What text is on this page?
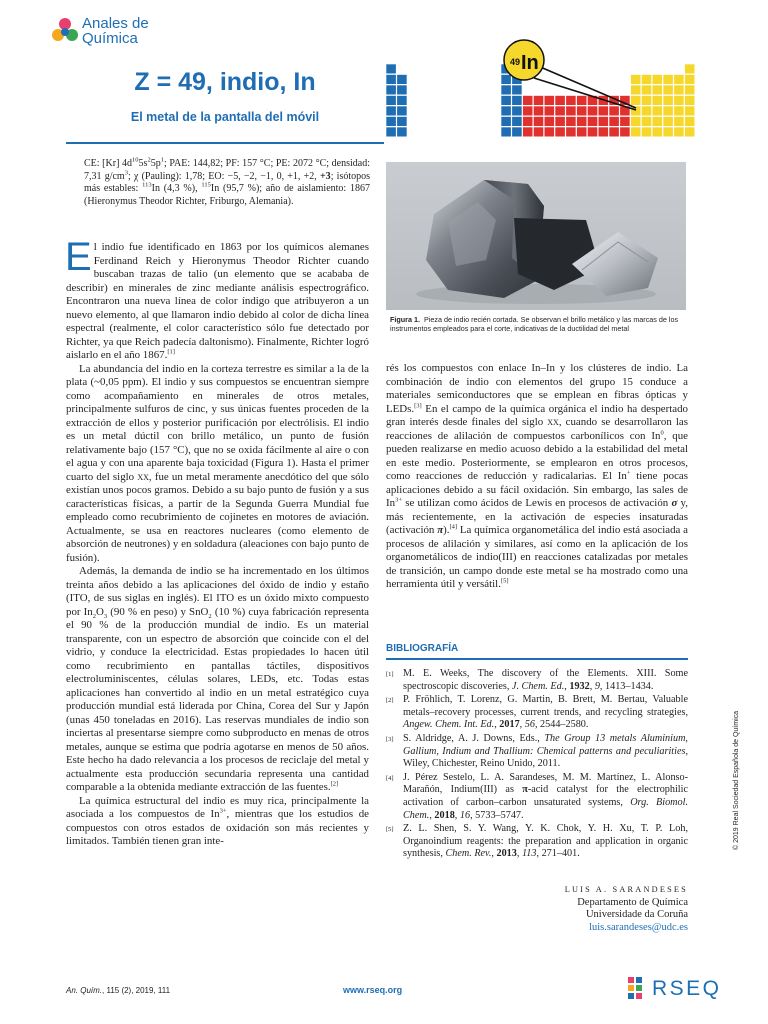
Anales de
Química
Z = 49, indio, In
El metal de la pantalla del móvil
49 In
Figura 1. Pieza de indio recién cortada. Se observan el brillo metálico y las marcas de los instrumentos empleados para el corte, indicativas de la ductilidad del metal
CE: [Kr] $4d^{10}5s^25p^1$; PAE: 144,82; PF: 157 °C; PE: 2072 °C; densidad: 7,31 $g/cm^3$; χ (Pauling): 1,78; EO: −5, −2, −1, 0, +1, +2, +3; isótopos más estables: $^{113}$In (4,3 %), $^{115}$In (95,7 %); año de aislamiento: 1867 (Hieronymus Theodor Richter, Friburgo, Alemania).
E l indio fue identificado en 1863 por los químicos alemanes Ferdinand Reich y Hieronymus Theodor Richter cuando buscaban trazas de talio (un elemento que se acababa de describir) en minerales de zinc mediante análisis espectrográfico. Encontraron una nueva línea de color índigo que atribuyeron a un nuevo elemento, al que llamaron indio debido al color de dicha línea espectral (realmente, el color característico sólo fue detectado por Richter, ya que Reich padecía daltonismo). Finalmente, Richter logró aislarlo en el año 1867.[1]

La abundancia del indio en la corteza terrestre es similar a la de la plata (~0,05 ppm). El indio y sus compuestos se encuentran siempre como acompañamiento en minerales de otros metales, principalmente sulfuros de cinc, y sus únicas fuentes proceden de la extracción de ellos y posterior purificación por electrólisis. El indio es un metal dúctil con brillo metálico, un punto de fusión relativamente bajo (157 °C), que no se oxida fácilmente al aire o con el agua y con una aparente baja toxicidad (Figura 1). Hasta el primer cuarto del siglo xx, fue un metal meramente anecdótico del que sólo existían unos pocos gramos. Debido a su bajo punto de fusión y a sus características físicas, a partir de la Segunda Guerra Mundial fue empleado como recubrimiento de cojinetes en motores de aviación. Actualmente, se usa en reactores nucleares (como elemento de absorción de neutrones) y en soldadura (aleaciones con bajo punto de fusión).

Además, la demanda de indio se ha incrementado en los últimos treinta años debido a las aplicaciones del óxido de indio y estaño (ITO, de sus siglas en inglés). El ITO es un óxido mixto compuesto por $In_2O_3$ (90 % en peso) y SnO$_2$ (10 %) cuya fabricación representa el 90 % de la producción mundial de indio. Es un material transparente, con un espectro de absorción que coincide con el del vidrio, y conduce la electricidad. Estas propiedades lo hacen útil como recubrimiento en pantallas táctiles, dispositivos electroluminiscentes, células solares, LEDs, etc. Todas estas aplicaciones han convertido al indio en un metal estratégico cuya producción mundial está liderada por China, Corea del Sur y Japón (unas 450 toneladas en 2016). Las reservas mundiales de indio son inciertas al presentarse siempre como subproducto en menas de otros metales, aunque se estima que podría agotarse en menos de 50 años. Este hecho ha dado relevancia a los procesos de reciclaje del metal y actualmente esta producción secundaria representa una cantidad comparable a la obtenida mediante extracción de las fuentes.[2]

La química estructural del indio es muy rica, principalmente la asociada a los compuestos de $In^{3+}$, mientras que los estudios de compuestos con otros estados de oxidación son más recientes y limitados. También tienen gran inte-

rés los compuestos con enlace In–In y los clústeres de indio. La combinación de indio con elementos del grupo 15 conduce a materiales semiconductores que se emplean en fibras ópticas y LEDs.[3] En el campo de la química orgánica el indio ha despertado gran interés desde finales del siglo xx, cuando se desarrollaron las reacciones de alilación de compuestos carbonílicos con In$^0$, que pueden realizarse en medio acuoso debido a la estabilidad del metal en este medio. Posteriormente, se emplearon en otros procesos, como reacciones de reducción y radicalarias. El In+ tiene pocas aplicaciones debido a su fácil oxidación. Sin embargo, las sales de $In^{3+}$ se utilizan como ácidos de Lewis en procesos de activación σ y, más recientemente, en la activación de especies insaturadas (activación π).[4] La química organometálica del indio está asociada a procesos de alilación y similares, así como en la aplicación de los organometálicos de indio(III) en reacciones catalizadas por metales de transición, un campo donde este metal se ha mostrado como una herramienta útil y versátil.[5]

BIBLIOGRAFÍA
[1] M. E. Weeks, The discovery of the Elements. XIII. Some spectroscopic discoveries, J. Chem. Ed., 1932, 9, 1413–1434.
[2] P. Fröhlich, T. Lorenz, G. Martin, B. Brett, M. Bertau, Valuable metals–recovery processes, current trends, and recycling strategies, Angew. Chem. Int. Ed., 2017, 56, 2544–2580.
[3] S. Aldridge, A. J. Downs, Eds., The Group 13 metals Aluminium, Gallium, Indium and Thallium: Chemical patterns and peculiarities, Wiley, Chichester, Reino Unido, 2011.
[4] J. Pérez Sestelo, L. A. Sarandeses, M. M. Martínez, L. Alonso-Marañón, Indium(III) as π-acid catalyst for the electrophilic activation of carbon–carbon unsaturated systems, Org. Biomol. Chem., 2018, 16, 5733–5747.
[5] Z. L. Shen, S. Y. Wang, Y. K. Chok, Y. H. Xu, T. P. Loh, Organoindium reagents: the preparation and application in organic synthesis, Chem. Rev., 2013, 113, 271–401.
LUIS A. SARANDESES
Departamento de Química
Universidade da Coruña
luis.sarandeses@udc.es
An. Quím., 115 (2), 2019, 111	www.rseq.org	RSEQ
© 2019 Real Sociedad Española de Química
